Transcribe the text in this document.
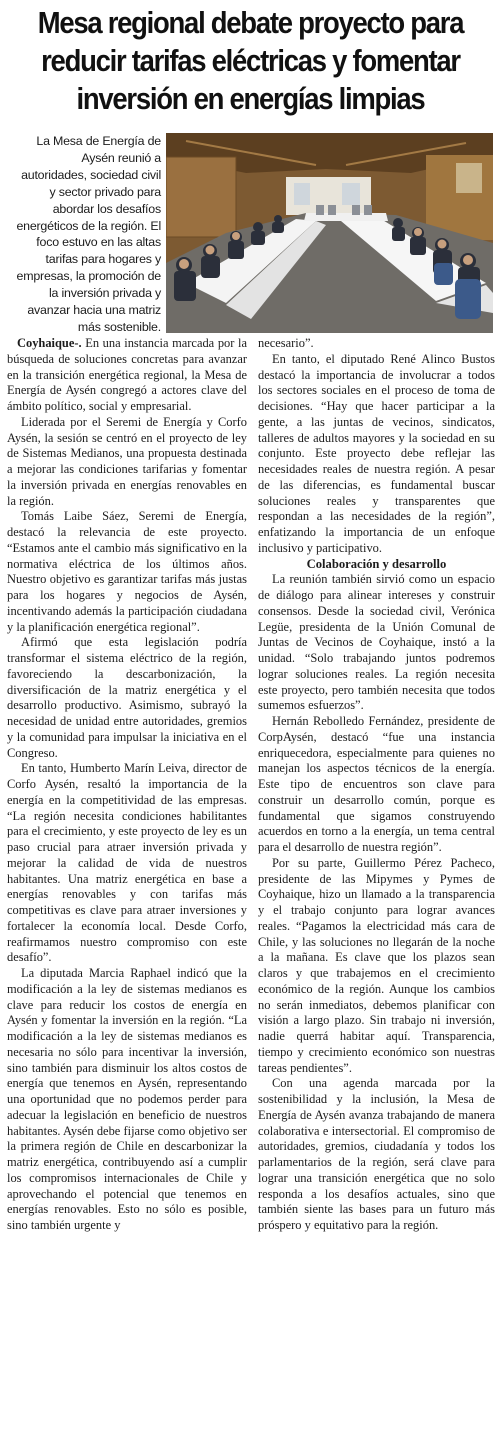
Mesa regional debate proyecto para reducir tarifas eléctricas y fomentar inversión en energías limpias

La Mesa de Energía de Aysén reunió a autoridades, sociedad civil y sector privado para abordar los desafíos energéticos de la región. El foco estuvo en las altas tarifas para hogares y empresas, la promoción de la inversión privada y avanzar hacia una matriz más sostenible.

Coyhaique-. En una instancia marcada por la búsqueda de soluciones concretas para avanzar en la transición energética regional, la Mesa de Energía de Aysén congregó a actores clave del ámbito político, social y empresarial.

Liderada por el Seremi de Energía y Corfo Aysén, la sesión se centró en el proyecto de ley de Sistemas Medianos, una propuesta destinada a mejorar las condiciones tarifarias y fomentar la inversión privada en energías renovables en la región.

Tomás Laibe Sáez, Seremi de Energía, destacó la relevancia de este proyecto. “Estamos ante el cambio más significativo en la normativa eléctrica de los últimos años. Nuestro objetivo es garantizar tarifas más justas para los hogares y negocios de Aysén, incentivando además la participación ciudadana y la planificación energética regional”.

Afirmó que esta legislación podría transformar el sistema eléctrico de la región, favoreciendo la descarbonización, la diversificación de la matriz energética y el desarrollo productivo. Asimismo, subrayó la necesidad de unidad entre autoridades, gremios y la comunidad para impulsar la iniciativa en el Congreso.

En tanto, Humberto Marín Leiva, director de Corfo Aysén, resaltó la importancia de la energía en la competitividad de las empresas. “La región necesita condiciones habilitantes para el crecimiento, y este proyecto de ley es un paso crucial para atraer inversión privada y mejorar la calidad de vida de nuestros habitantes. Una matriz energética en base a energías renovables y con tarifas más competitivas es clave para atraer inversiones y fortalecer la economía local. Desde Corfo, reafirmamos nuestro compromiso con este desafío”.

La diputada Marcia Raphael indicó que la modificación a la ley de sistemas medianos es clave para reducir los costos de energía en Aysén y fomentar la inversión en la región. “La modificación a la ley de sistemas medianos es necesaria no sólo para incentivar la inversión, sino también para disminuir los altos costos de energía que tenemos en Aysén, representando una oportunidad que no podemos perder para adecuar la legislación en beneficio de nuestros habitantes. Aysén debe fijarse como objetivo ser la primera región de Chile en descarbonizar la matriz energética, contribuyendo así a cumplir los compromisos internacionales de Chile y aprovechando el potencial que tenemos en energías renovables. Esto no sólo es posible, sino también urgente y

necesario”.

En tanto, el diputado René Alinco Bustos destacó la importancia de involucrar a todos los sectores sociales en el proceso de toma de decisiones. “Hay que hacer participar a la gente, a las juntas de vecinos, sindicatos, talleres de adultos mayores y la sociedad en su conjunto. Este proyecto debe reflejar las necesidades reales de nuestra región. A pesar de las diferencias, es fundamental buscar soluciones reales y transparentes que respondan a las necesidades de la región”, enfatizando la importancia de un enfoque inclusivo y participativo.

Colaboración y desarrollo

La reunión también sirvió como un espacio de diálogo para alinear intereses y construir consensos. Desde la sociedad civil, Verónica Legüe, presidenta de la Unión Comunal de Juntas de Vecinos de Coyhaique, instó a la unidad. “Solo trabajando juntos podremos lograr soluciones reales. La región necesita este proyecto, pero también necesita que todos sumemos esfuerzos”.

Hernán Rebolledo Fernández, presidente de CorpAysén, destacó “fue una instancia enriquecedora, especialmente para quienes no manejan los aspectos técnicos de la energía. Este tipo de encuentros son clave para construir un desarrollo común, porque es fundamental que sigamos construyendo acuerdos en torno a la energía, un tema central para el desarrollo de nuestra región”.

Por su parte, Guillermo Pérez Pacheco, presidente de las Mipymes y Pymes de Coyhaique, hizo un llamado a la transparencia y el trabajo conjunto para lograr avances reales. “Pagamos la electricidad más cara de Chile, y las soluciones no llegarán de la noche a la mañana. Es clave que los plazos sean claros y que trabajemos en el crecimiento económico de la región. Aunque los cambios no serán inmediatos, debemos planificar con visión a largo plazo. Sin trabajo ni inversión, nadie querrá habitar aquí. Transparencia, tiempo y crecimiento económico son nuestras tareas pendientes”.

Con una agenda marcada por la sostenibilidad y la inclusión, la Mesa de Energía de Aysén avanza trabajando de manera colaborativa e intersectorial. El compromiso de autoridades, gremios, ciudadanía y todos los parlamentarios de la región, será clave para lograr una transición energética que no solo responda a los desafíos actuales, sino que también siente las bases para un futuro más próspero y equitativo para la región.
